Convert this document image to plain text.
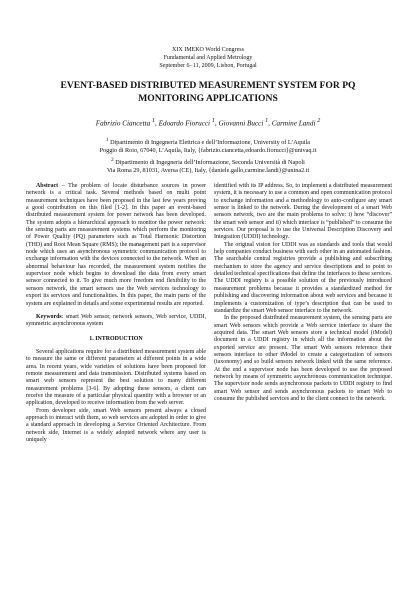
XIX IMEKO World Congress
Fundamental and Applied Metrology
September 6−11, 2009, Lisbon, Portugal
EVENT-BASED DISTRIBUTED MEASUREMENT SYSTEM FOR PQ
MONITORING APPLICATIONS
Fabrizio Ciancetta $^1$, Edoardo Fiorucci $^1$, Giovanni Bucci $^1$, Carmine Landi $^2$
$^1$ Dipartimento di Ingegneria Elettrica e dell’Informazione, University of L’Aquila
Poggio di Roio, 67040, L’Aquila, Italy, {fabrizio.ciancetta,edoardo.fiorucci}@univaq.it
$^2$ Dipartimento di Ingegneria dell’Informazione, Seconda Università di Napoli
Via Roma 29, 81031, Aversa (CE), Italy, {daniele.gallo,carmine.landi}@unina2.it

Abstract – The problem of locate disturbance sources in power network is a critical task. Several methods based on multi point measurement techniques have been proposed in the last few years proving a good contribution on this filed [1-2]. In this paper an event-based distributed measurement system for power network has been developed. The system adopts a hierarchical approach to monitor the power network: the sensing parts are measurement systems which perform the monitoring of Power Quality (PQ) parameters such as Total Harmonic Distortion (THD) and Root Mean Square (RMS); the management part is a supervisor node which uses an asynchronous symmetric communication protocol to exchange information with the devices connected to the network. When an abnormal behaviour has recorded, the measurement system notifies the supervisor node which begins to download the data from every smart sensor connected to it. To give much more freedom end flexibility to the sensors network, the smart sensors use the Web services technology to export its services and functionalities. In this paper, the main parts of the system are explained in details and some experimental results are reported.

Keywords: smart Web sensor, network sensors, Web service, UDDI, symmetric asynchronous system

1. INTRODUCTION

Several applications require for a distributed measurement system able to measure the same or different parameters at different points in a wide area. In recent years, wide varieties of solutions have been proposed for remote measurement and data transmission. Distributed systems based on smart web sensors represent the best solution to many different measurement problems [3-6]. By adopting these sensors, a client can receive the measure of a particular physical quantity with a browser or an application, developed to receive information from the web server.

From developer side, smart Web sensors present always a closed approach to interact with them, so web services are adopted in order to give a standard approach in developing a Service Oriented Architecture. From network side, Internet is a widely adopted network where any user is uniquely

identified with its IP address. So, to implement a distributed measurement system, it is necessary to use a common and open communication protocol to exchange information and a methodology to auto-configure any smart sensor is linked to the network. During the development of a smart Web sensors network, two are the main problems to solve: i) how “discover” the smart web sensor and ii) which interface is “published” to consume the services. Our proposal is to use the Universal Description Discovery and Integration (UDDI) technology.

The original vision for UDDI was as standards and tools that would help companies conduct business with each other in an automated fashion. The searchable central registries provide a publishing and subscribing mechanism to store the agency and service descriptions and to point to detailed technical specifications that define the interfaces to these services. The UDDI registry is a possible solution of the previously introduced measurement problems because it provides a standardized method for publishing and discovering information about web services and because it implements a customization of type’s description that can be used to standardize the smart Web sensor interface to the network.

In the proposed distributed measurement system, the sensing parts are smart Web sensors which provide a Web service interface to share the acquired data. The smart Web sensors store a technical model (tModel) document in a UDDI registry in which all the information about the exported service are present. The smart Web sensors reference their sensors interface to other tModel to create a categorization of sensors (taxonomy) and so build sensors network linked with the same reference. At the end a supervisor node has been developed to use the proposed network by means of symmetric asynchronous communication technique. The supervisor node sends asynchronous packets to UDDI registry to find smart Web sensor and sends asynchronous packets to smart Web to consume the published services and to the client connect to the network.
